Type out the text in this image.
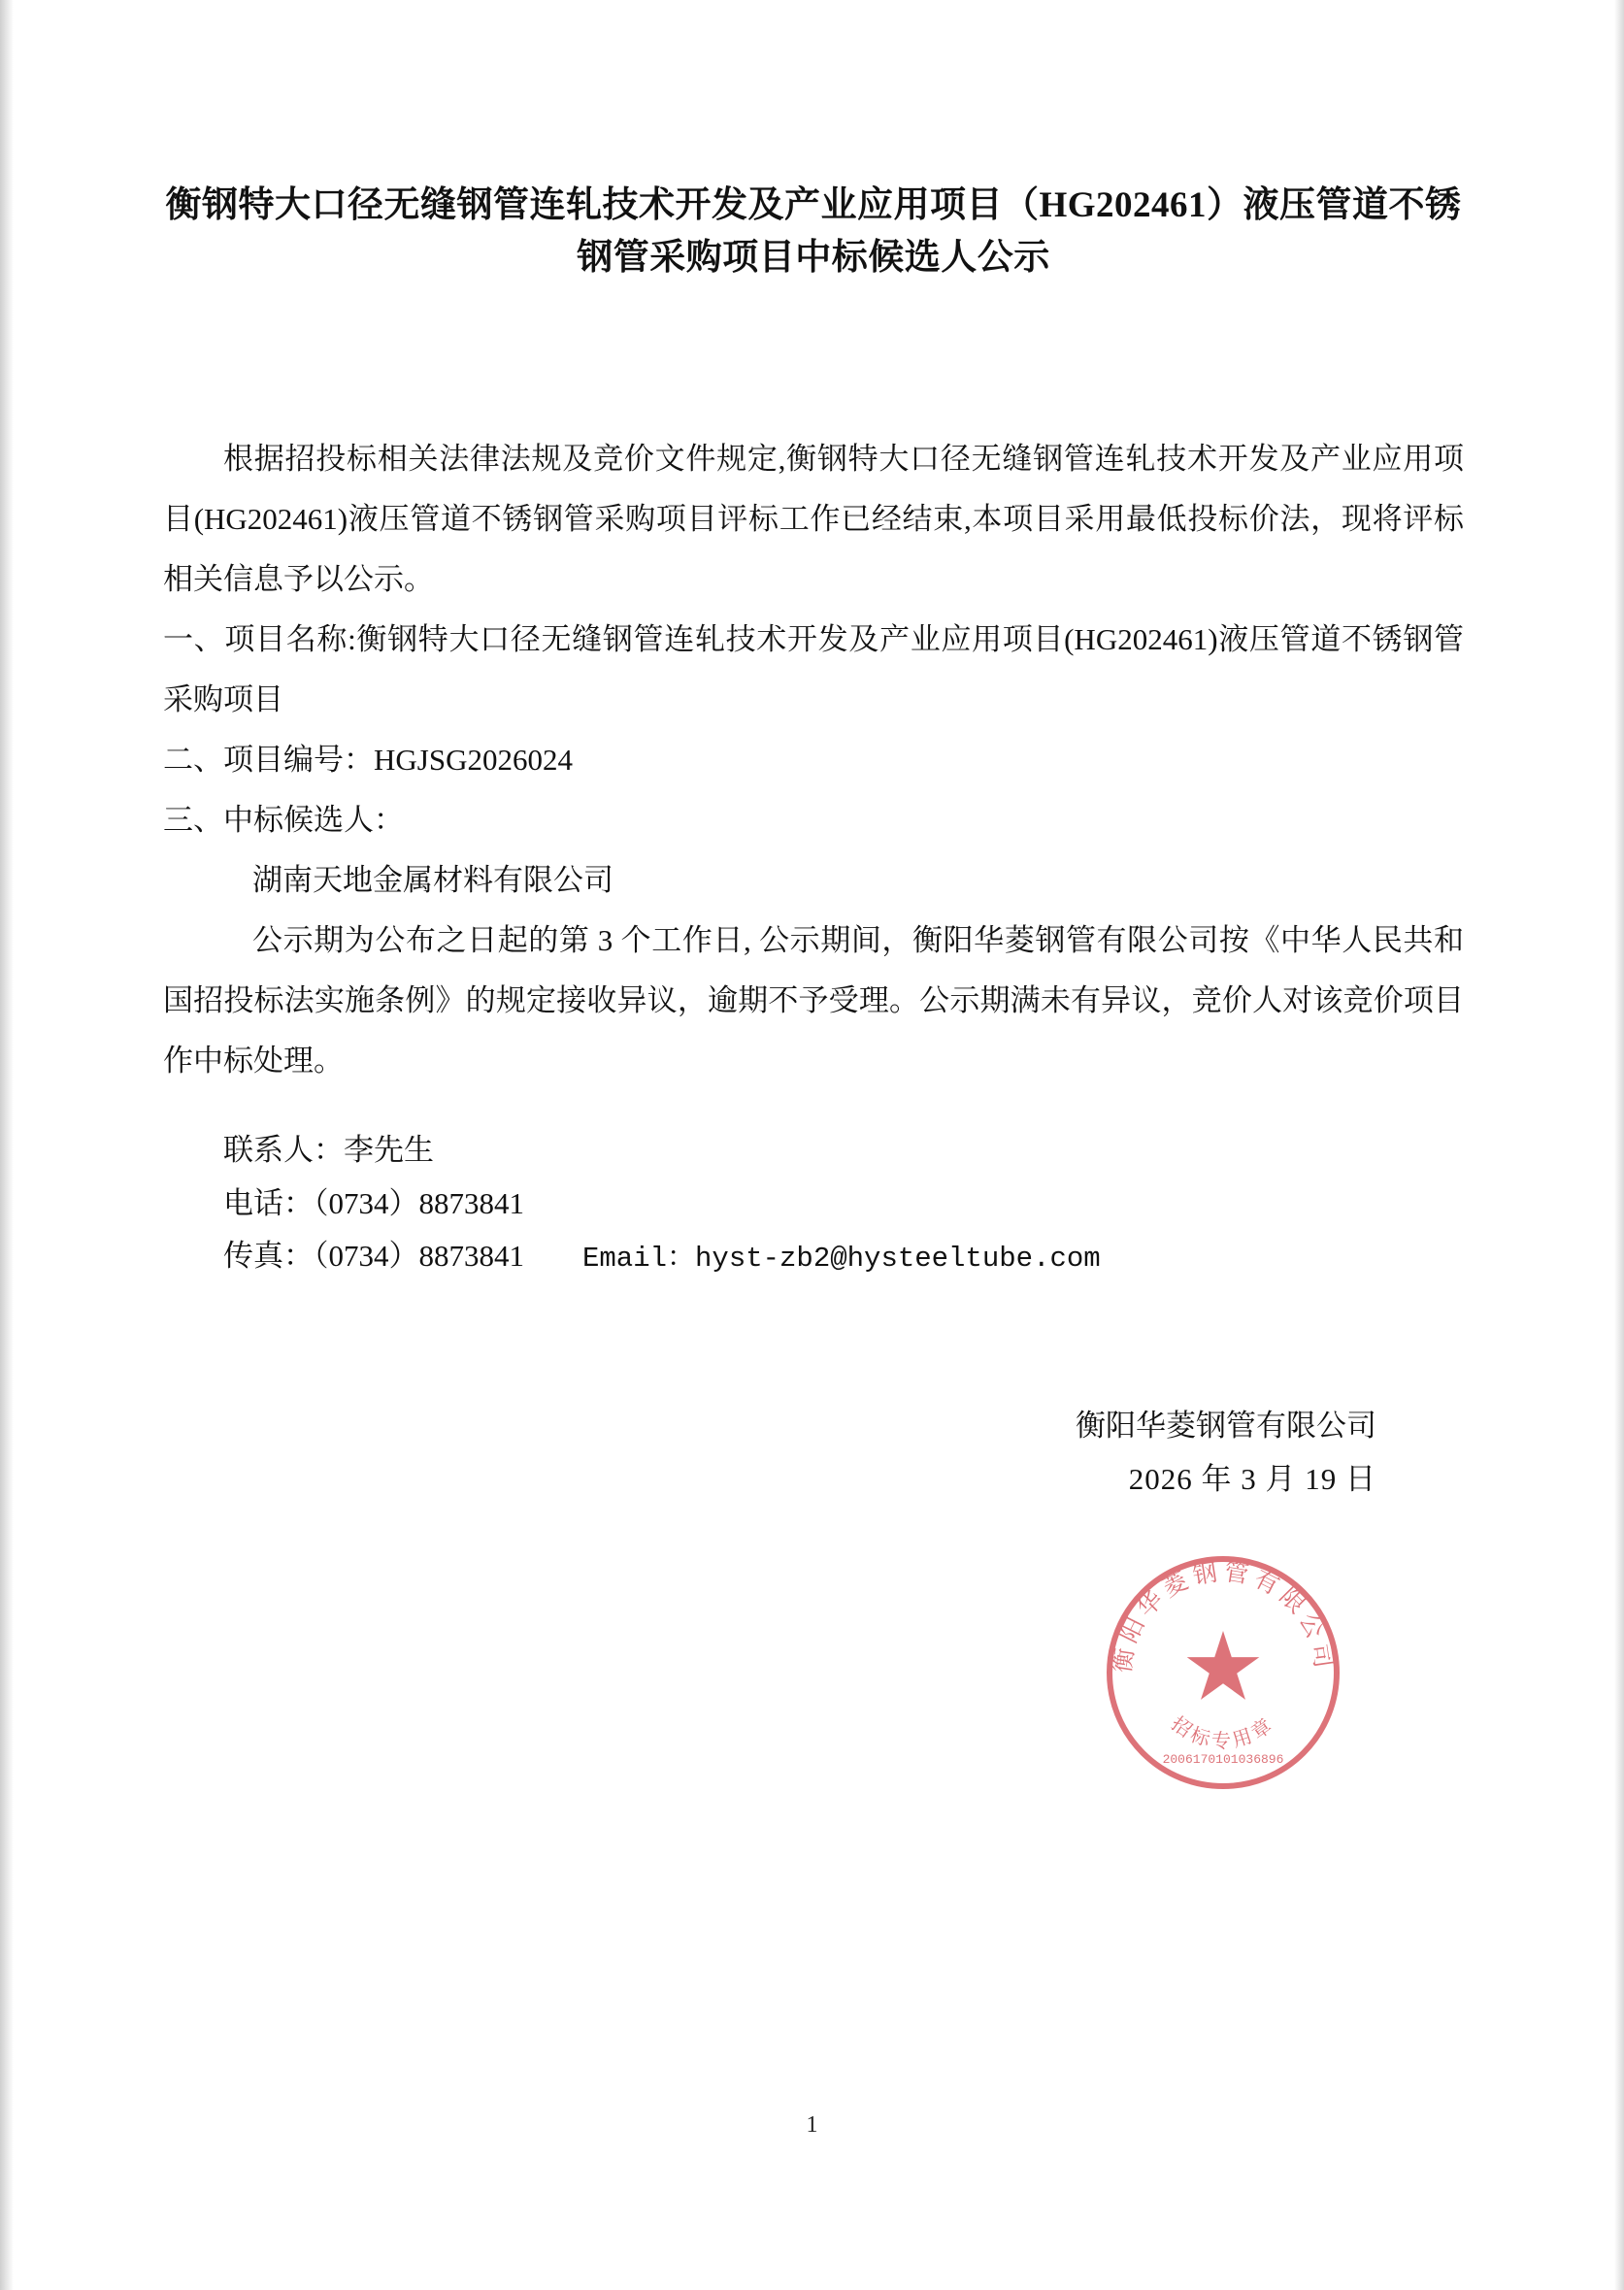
衡钢特大口径无缝钢管连轧技术开发及产业应用项目（HG202461）液压管道不锈钢管采购项目中标候选人公示

根据招投标相关法律法规及竞价文件规定,衡钢特大口径无缝钢管连轧技术开发及产业应用项目(HG202461)液压管道不锈钢管采购项目评标工作已经结束,本项目采用最低投标价法，现将评标相关信息予以公示。

一、项目名称:衡钢特大口径无缝钢管连轧技术开发及产业应用项目(HG202461)液压管道不锈钢管采购项目

二、项目编号：HGJSG2026024

三、中标候选人：

湖南天地金属材料有限公司

公示期为公布之日起的第 3 个工作日, 公示期间，衡阳华菱钢管有限公司按《中华人民共和国招投标法实施条例》的规定接收异议，逾期不予受理。公示期满未有异议，竞价人对该竞价项目作中标处理。

联系人：李先生

电话：（0734）8873841

传真：（0734）8873841 Email：hyst-zb2@hysteeltube.com

衡阳华菱钢管有限公司

2026 年 3 月 19 日

衡阳华菱钢管有限公司
招标专用章
2006170101036896
1
